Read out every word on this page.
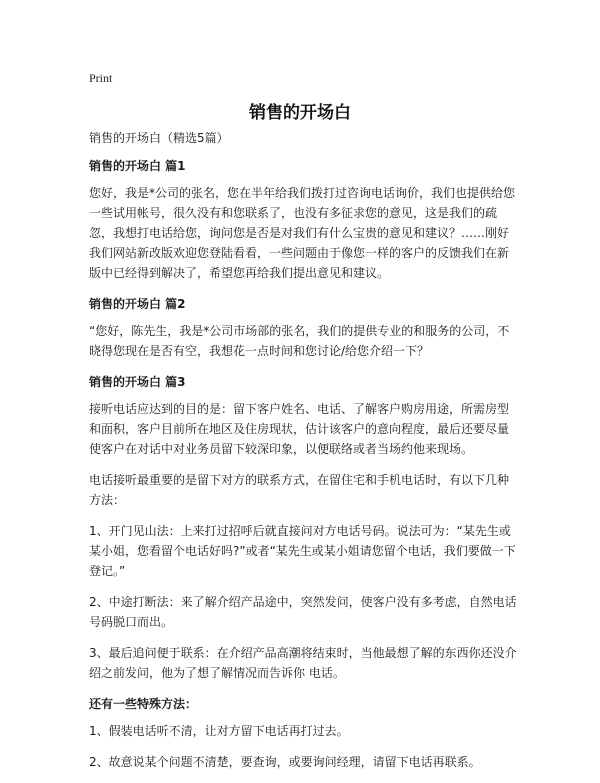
Print
销售的开场白

销售的开场白（精选5篇）

销售的开场白 篇1

您好，我是*公司的张名，您在半年给我们拨打过咨询电话询价，我们也提供给您一些试用帐号，很久没有和您联系了，也没有多征求您的意见，这是我们的疏忽，我想打电话给您，询问您是否是对我们有什么宝贵的意见和建议？……刚好我们网站新改版欢迎您登陆看看，一些问题由于像您一样的客户的反馈我们在新版中已经得到解决了，希望您再给我们提出意见和建议。

销售的开场白 篇2

“您好，陈先生，我是*公司市场部的张名，我们的提供专业的和服务的公司，不晓得您现在是否有空，我想花一点时间和您讨论/给您介绍一下？

销售的开场白 篇3

接听电话应达到的目的是：留下客户姓名、电话、了解客户购房用途，所需房型和面积，客户目前所在地区及住房现状，估计该客户的意向程度，最后还要尽量使客户在对话中对业务员留下较深印象，以便联络或者当场约他来现场。

电话接听最重要的是留下对方的联系方式，在留住宅和手机电话时，有以下几种方法：

1、开门见山法：上来打过招呼后就直接问对方电话号码。说法可为：“某先生或某小姐，您看留个电话好吗?”或者“某先生或某小姐请您留个电话，我们要做一下登记。”

2、中途打断法：来了解介绍产品途中，突然发问，使客户没有多考虑，自然电话号码脱口而出。

3、最后追问便于联系：在介绍产品高潮将结束时，当他最想了解的东西你还没介绍之前发问，他为了想了解情况而告诉你 电话。

还有一些特殊方法：

1、假装电话听不清，让对方留下电话再打过去。

2、故意说某个问题不清楚，要查询，或要询问经理，请留下电话再联系。
